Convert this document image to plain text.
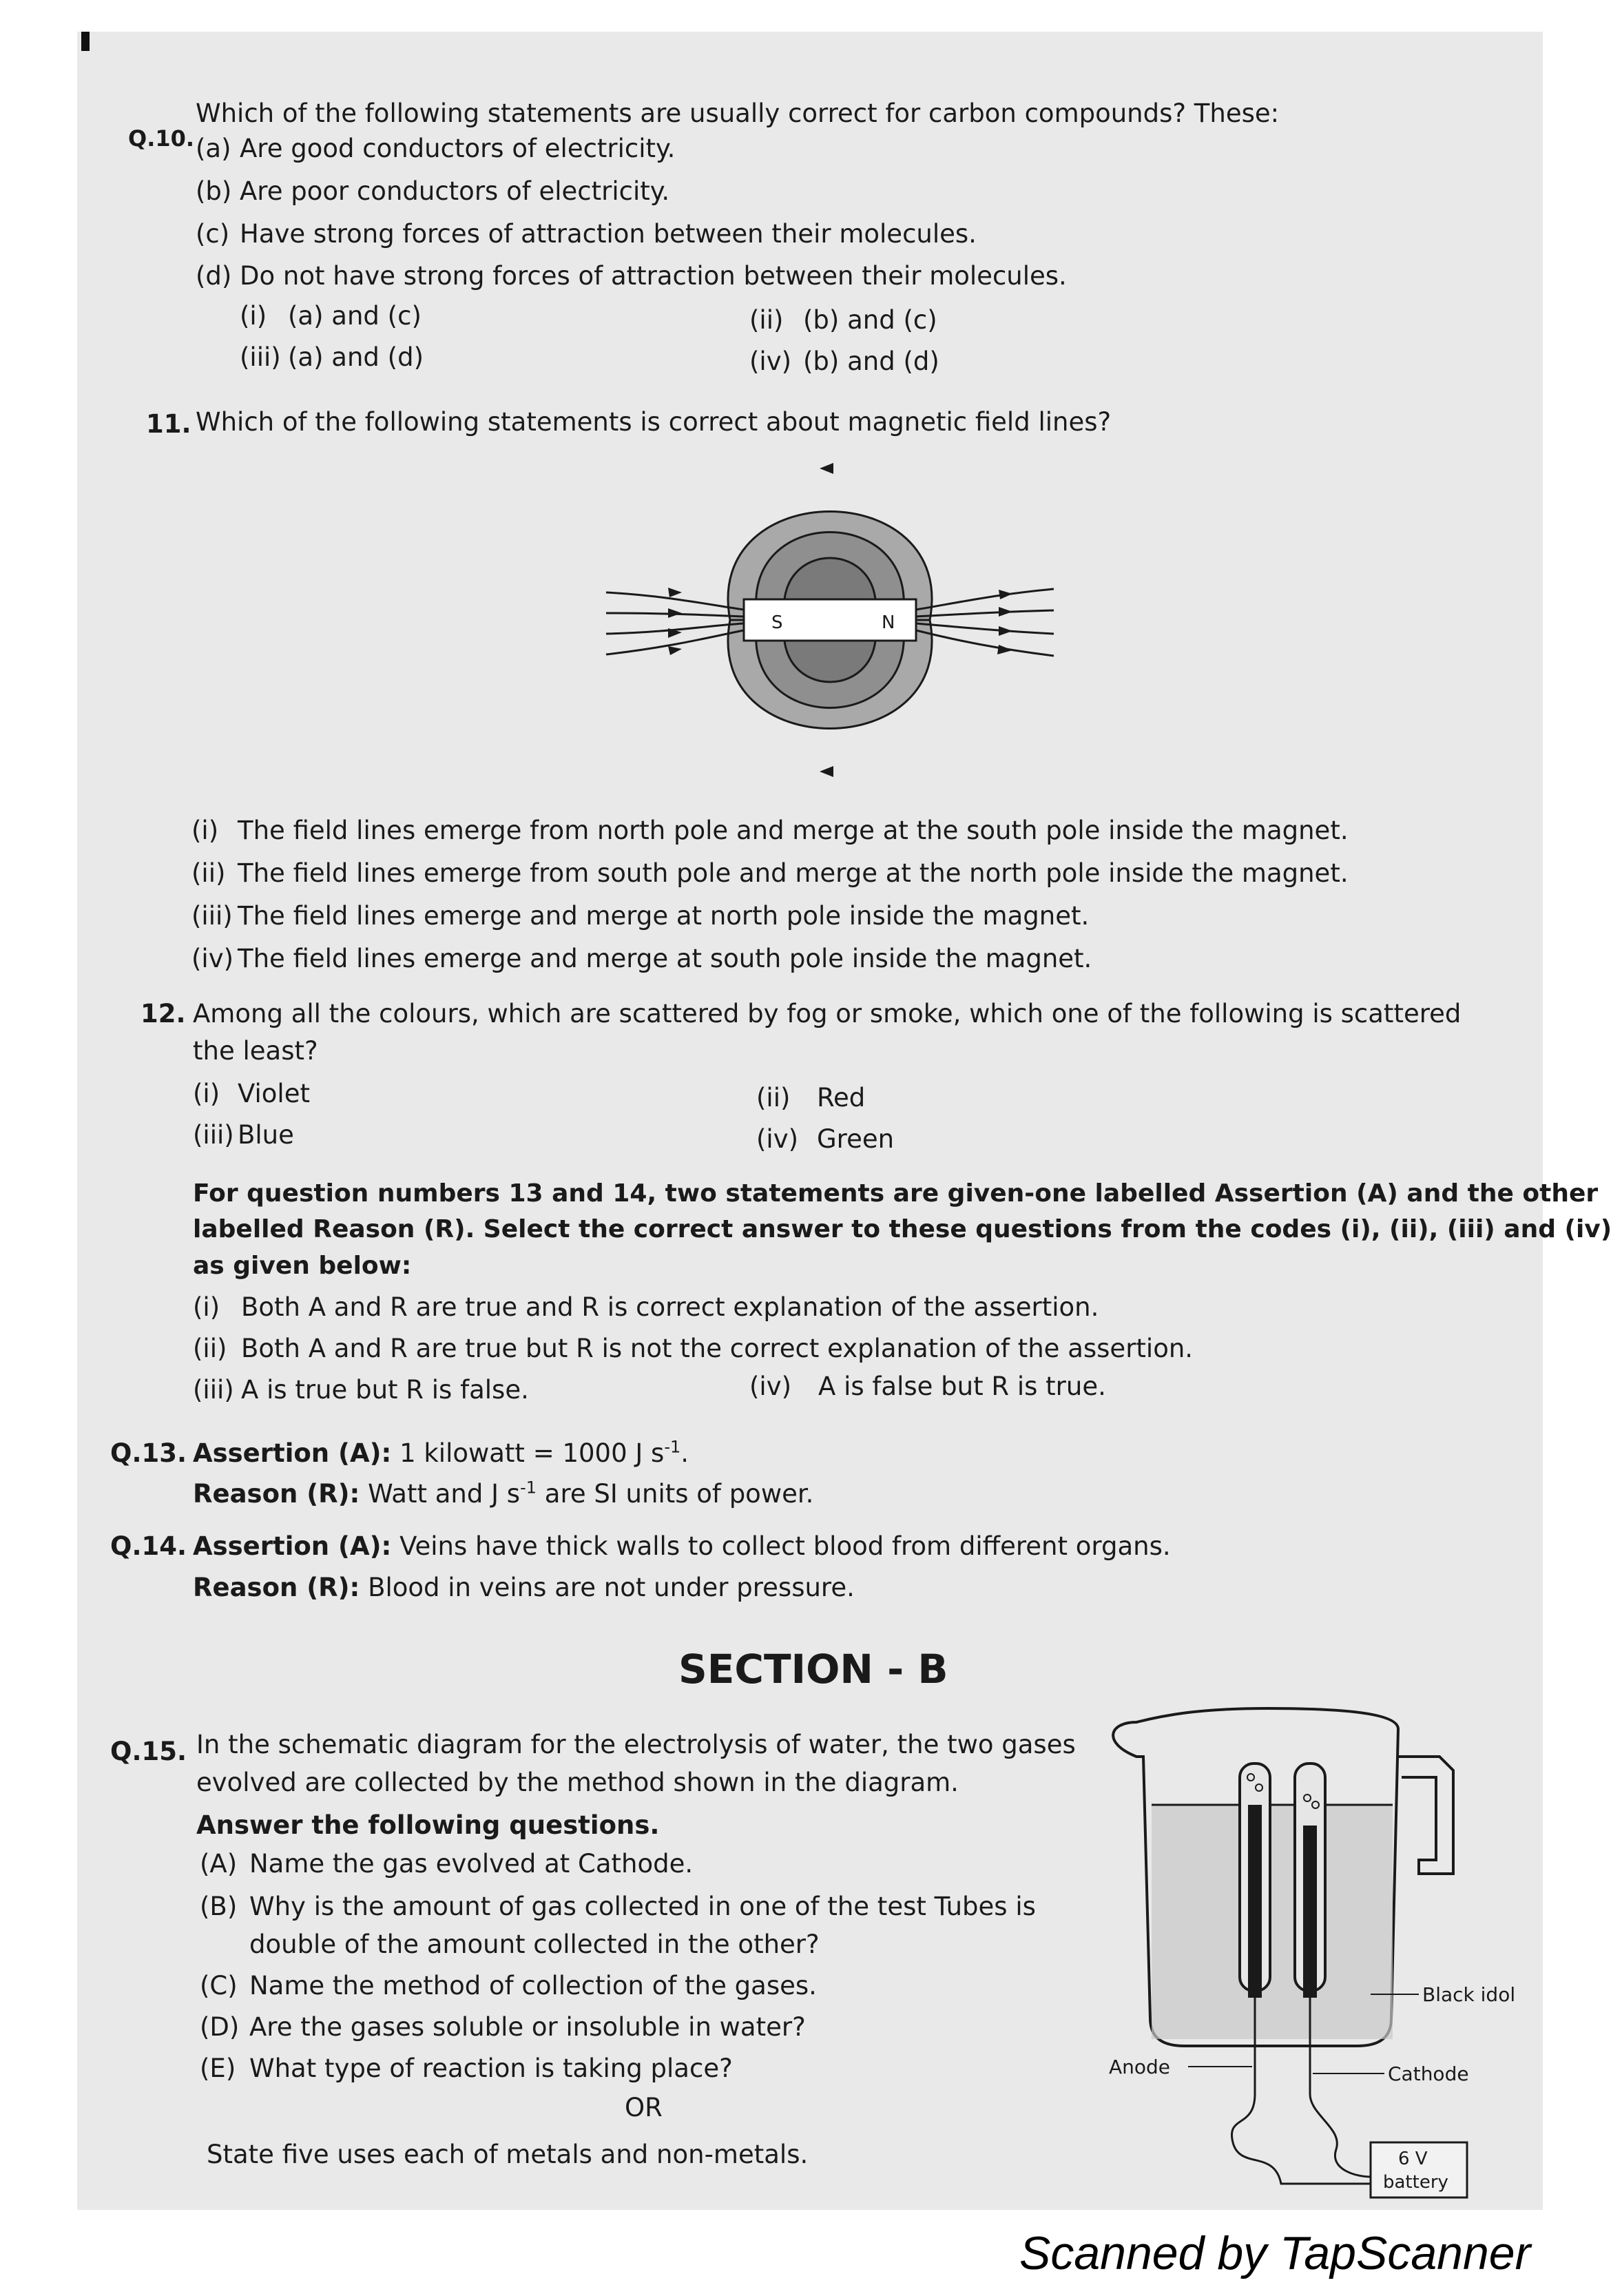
Q.10.
Which of the following statements are usually correct for carbon compounds? These:
(a) Are good conductors of electricity.
(b) Are poor conductors of electricity.
(c) Have strong forces of attraction between their molecules.
(d) Do not have strong forces of attraction between their molecules.
(i) (a) and (c)	(ii) (b) and (c)
(iii) (a) and (d)	(iv) (b) and (d)
11. Which of the following statements is correct about magnetic field lines?
S	N
(i) The field lines emerge from north pole and merge at the south pole inside the magnet.
(ii) The field lines emerge from south pole and merge at the north pole inside the magnet.
(iii) The field lines emerge and merge at north pole inside the magnet.
(iv) The field lines emerge and merge at south pole inside the magnet.
12. Among all the colours, which are scattered by fog or smoke, which one of the following is scattered
the least?
(i) Violet	(ii) Red
(iii) Blue	(iv) Green
For question numbers 13 and 14, two statements are given-one labelled Assertion (A) and the other
labelled Reason (R). Select the correct answer to these questions from the codes (i), (ii), (iii) and (iv)
as given below:
(i) Both A and R are true and R is correct explanation of the assertion.
(ii) Both A and R are true but R is not the correct explanation of the assertion.
(iii) A is true but R is false.	(iv) A is false but R is true.
Q.13. Assertion (A): 1 kilowatt = 1000 J $s^{-1}$.
Reason (R): Watt and J $s^{-1}$ are SI units of power.
Q.14. Assertion (A): Veins have thick walls to collect blood from different organs.
Reason (R): Blood in veins are not under pressure.
SECTION - B
Q.15. In the schematic diagram for the electrolysis of water, the two gases
evolved are collected by the method shown in the diagram.
Answer the following questions.
(A) Name the gas evolved at Cathode.
(B) Why is the amount of gas collected in one of the test Tubes is
double of the amount collected in the other?
(C) Name the method of collection of the gases.
(D) Are the gases soluble or insoluble in water?
(E) What type of reaction is taking place?
OR
State five uses each of metals and non-metals.
Black idol
Anode	Cathode
6 V
battery
Scanned by TapScanner
